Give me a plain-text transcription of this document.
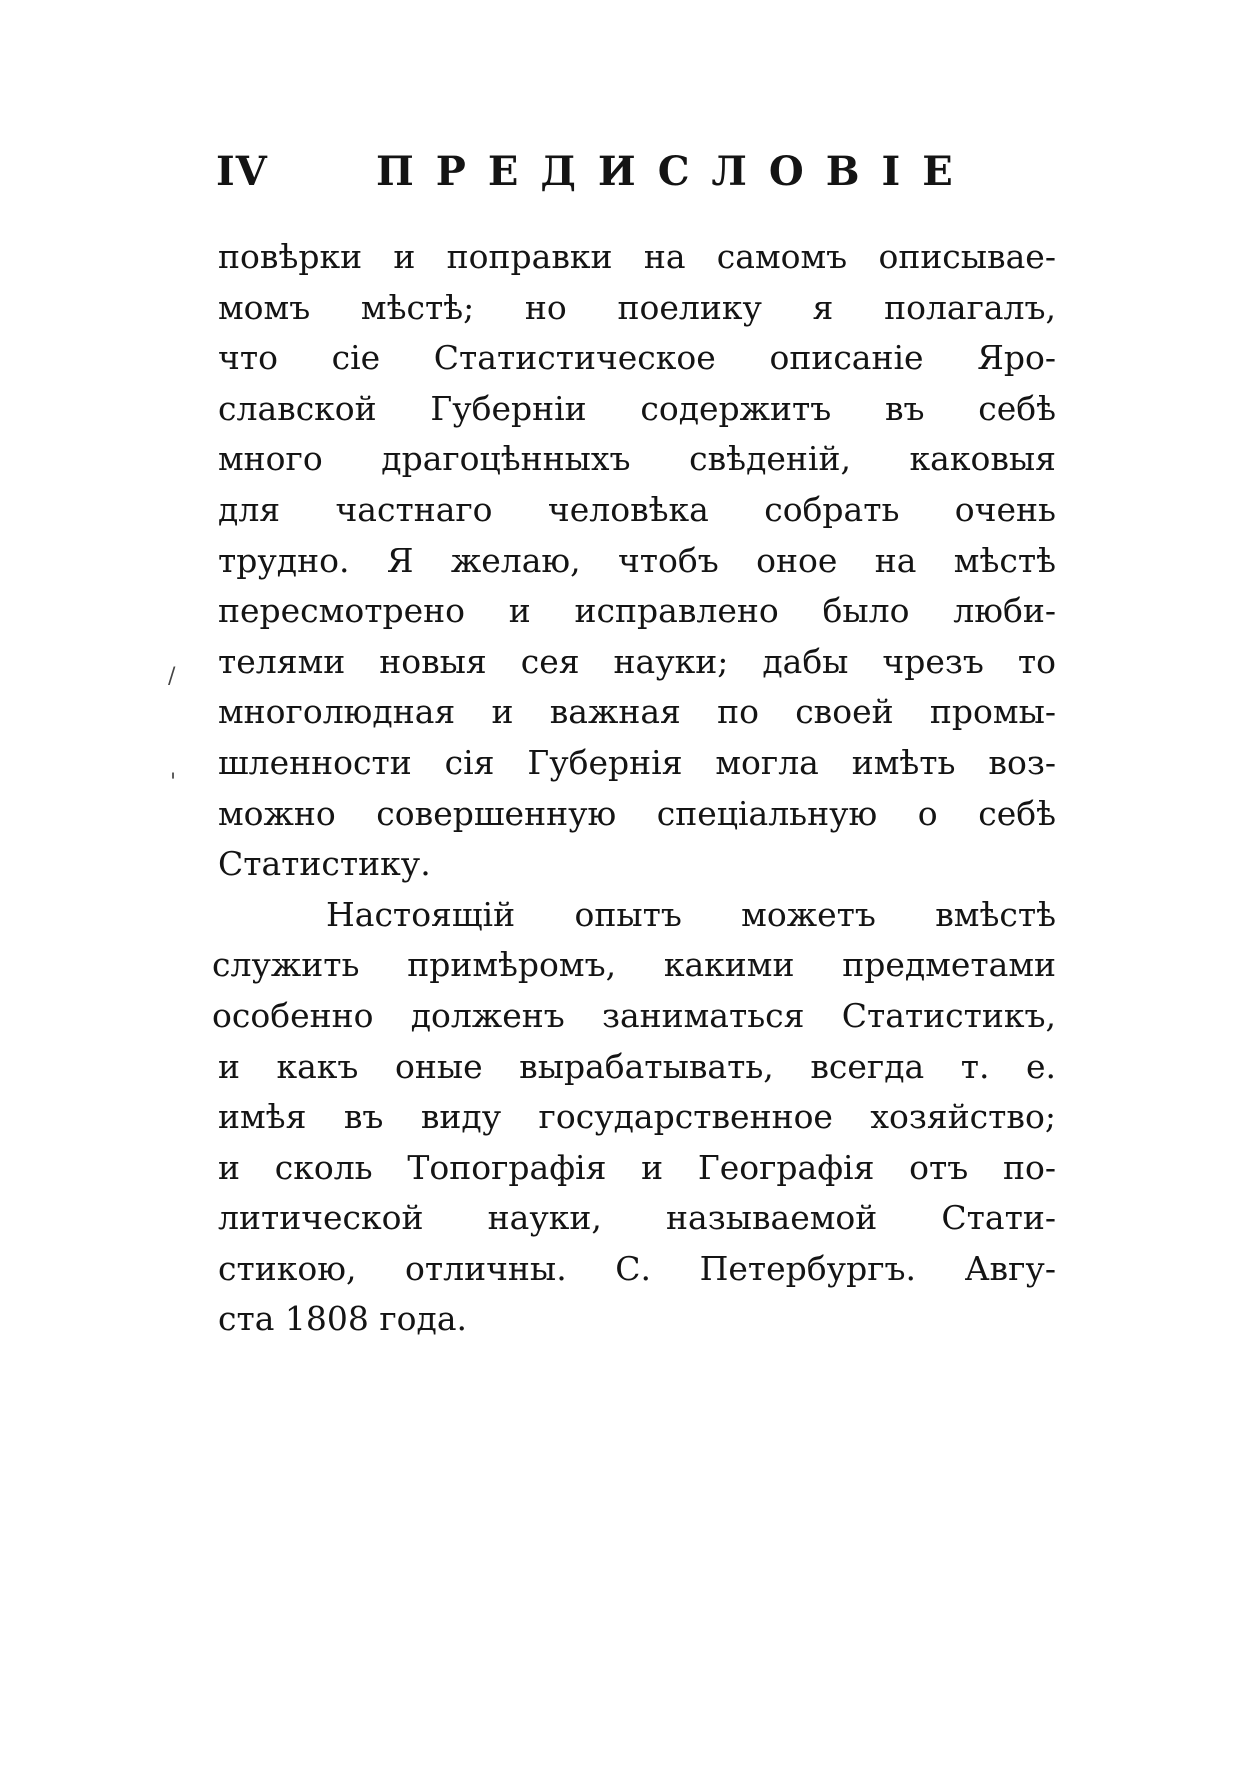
IV	ПРЕДИСЛОВІЕ
/
'
повѣрки и поправки на самомъ описывае-
момъ мѣстѣ; но поелику я полагалъ,
что сіе Статистическое описаніе Яро-
славской Губерніи содержитъ въ себѣ
много драгоцѣнныхъ свѣденій, каковыя
для частнаго человѣка собрать очень
трудно. Я желаю, чтобъ оное на мѣстѣ
пересмотрено и исправлено было люби-
телями новыя сея науки; дабы чрезъ то
многолюдная и важная по своей промы-
шленности сія Губернія могла имѣть воз-
можно совершенную спеціальную о себѣ
Статистику.
Настоящій опытъ можетъ вмѣстѣ
служить примѣромъ, какими предметами
особенно долженъ заниматься Статистикъ,
и какъ оные вырабатывать, всегда т. е.
имѣя въ виду государственное хозяйство;
и сколь Топографія и Географія отъ по-
литической науки, называемой Стати-
стикою, отличны. С. Петербургъ. Авгу-
ста 1808 года.
